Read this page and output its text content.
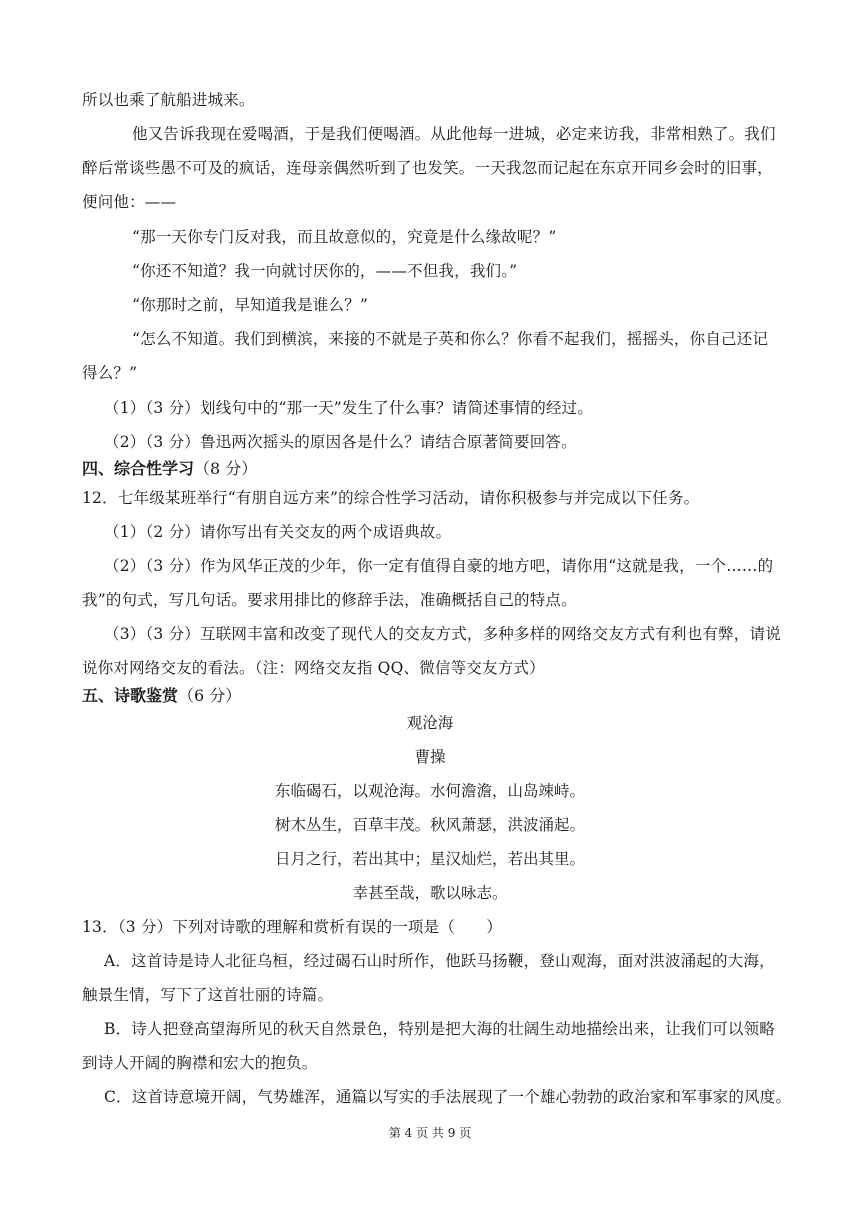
所以也乘了航船进城来。
他又告诉我现在爱喝酒，于是我们便喝酒。从此他每一进城，必定来访我，非常相熟了。我们
醉后常谈些愚不可及的疯话，连母亲偶然听到了也发笑。一天我忽而记起在东京开同乡会时的旧事，
便问他：——
“那一天你专门反对我，而且故意似的，究竟是什么缘故呢？”
“你还不知道？我一向就讨厌你的，——不但我，我们。”
“你那时之前，早知道我是谁么？”
“怎么不知道。我们到横滨，来接的不就是子英和你么？你看不起我们，摇摇头，你自己还记
得么？”
（1）（3 分）划线句中的“那一天”发生了什么事？请简述事情的经过。
（2）（3 分）鲁迅两次摇头的原因各是什么？请结合原著简要回答。
四、综合性学习（8 分）
12．七年级某班举行“有朋自远方来”的综合性学习活动，请你积极参与并完成以下任务。
（1）（2 分）请你写出有关交友的两个成语典故。
（2）（3 分）作为风华正茂的少年，你一定有值得自豪的地方吧，请你用“这就是我，一个……的
我”的句式，写几句话。要求用排比的修辞手法，准确概括自己的特点。
（3）（3 分）互联网丰富和改变了现代人的交友方式，多种多样的网络交友方式有利也有弊，请说
说你对网络交友的看法。（注：网络交友指 QQ、微信等交友方式）
五、诗歌鉴赏（6 分）
观沧海
曹操
东临碣石，以观沧海。水何澹澹，山岛竦峙。
树木丛生，百草丰茂。秋风萧瑟，洪波涌起。
日月之行，若出其中；星汉灿烂，若出其里。
幸甚至哉，歌以咏志。
13．（3 分）下列对诗歌的理解和赏析有误的一项是（　　）
A．这首诗是诗人北征乌桓，经过碣石山时所作，他跃马扬鞭，登山观海，面对洪波涌起的大海，
触景生情，写下了这首壮丽的诗篇。
B．诗人把登高望海所见的秋天自然景色，特别是把大海的壮阔生动地描绘出来，让我们可以领略
到诗人开阔的胸襟和宏大的抱负。
C．这首诗意境开阔，气势雄浑，通篇以写实的手法展现了一个雄心勃勃的政治家和军事家的风度。
第 4 页 共 9 页
